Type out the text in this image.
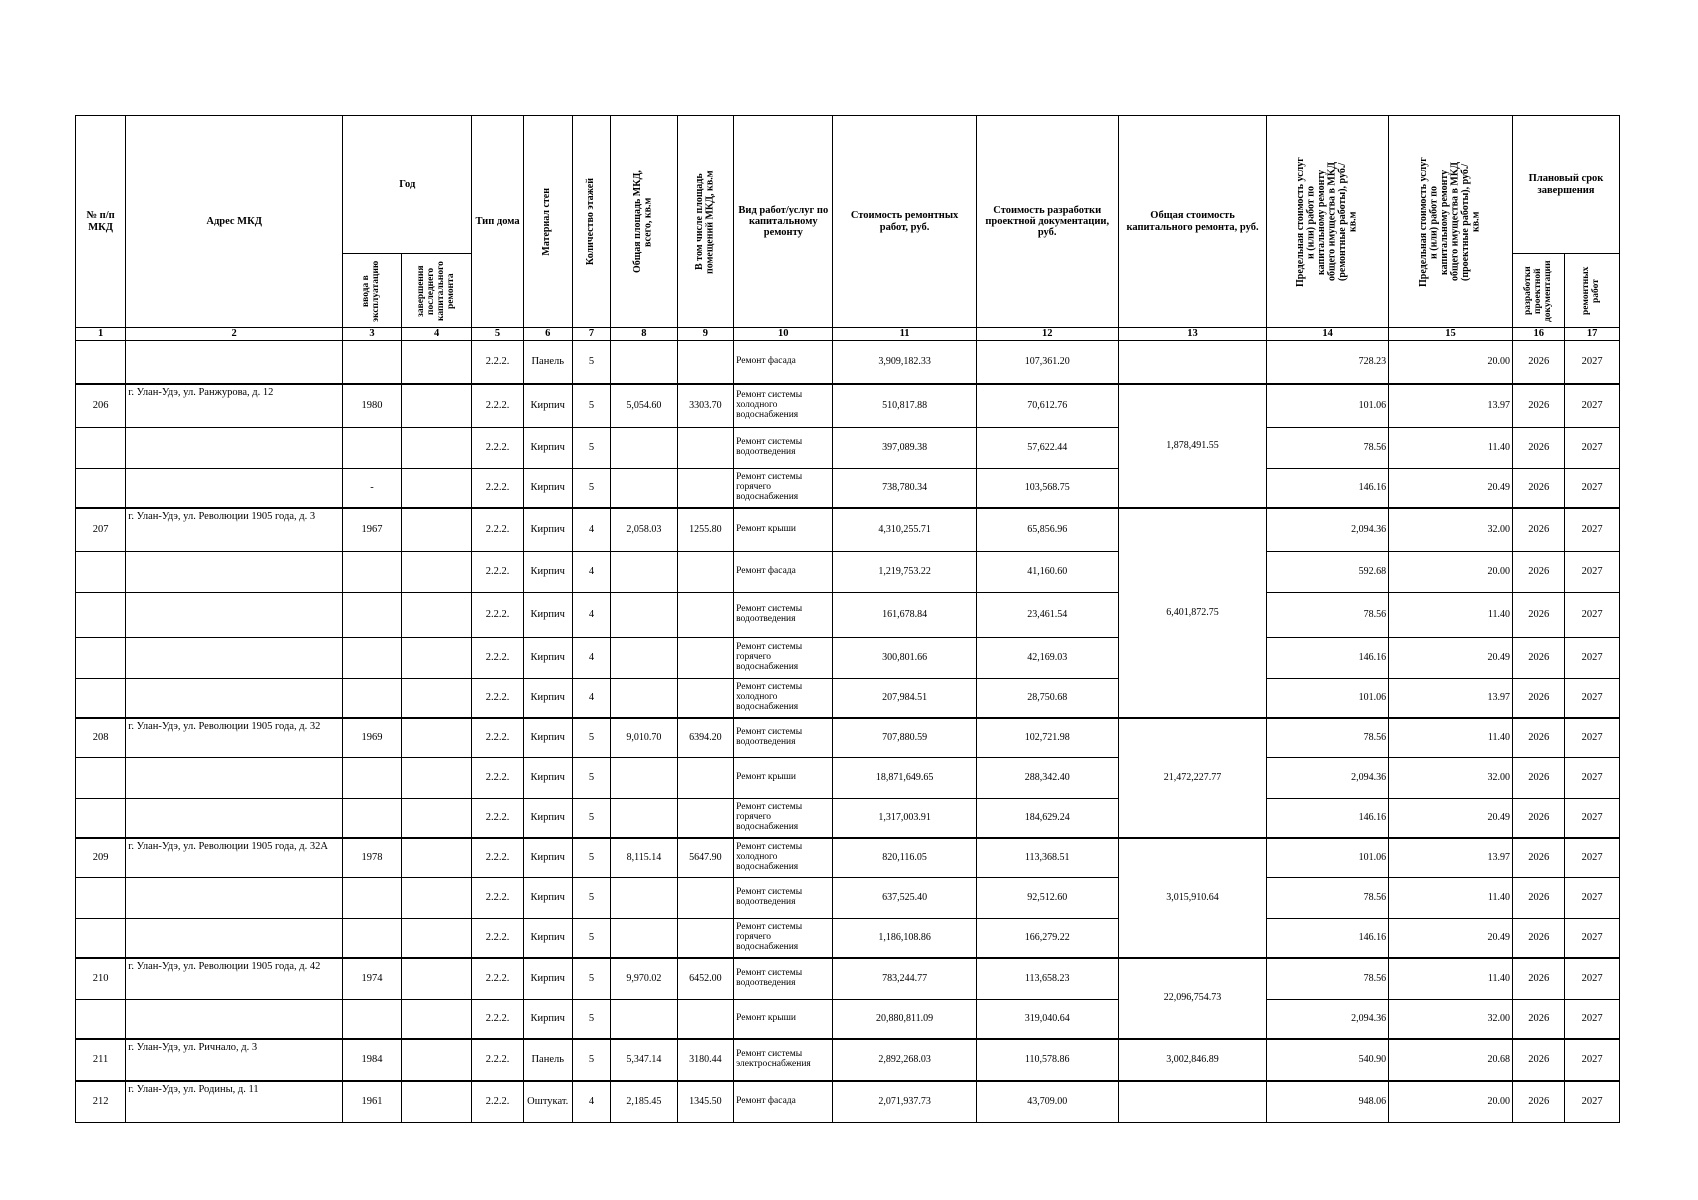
№ п/п МКД	Адрес МКД	Год		Тип дома	Материал стен	Количество этажей	Общая площадь МКД, всего, кв.м	В том числе площадь помещений МКД, кв.м	Вид работ/услуг по капитальному ремонту	Стоимость ремонтных работ, руб.	Стоимость разработки проектной документации, руб.	Общая стоимость капитального ремонта, руб.	Предельная стоимость услуг и (или) работ по капитальному ремонту общего имущества в МКД (ремонтные работы), руб./кв.м	Предельная стоимость услуг и (или) работ по капитальному ремонту общего имущества в МКД (проектные работы), руб./кв.м	Плановый срок завершения	

		ввода в эксплуатацию	завершения последнего капитального ремонта												разработки проектной документации	ремонтных работ

1	2	3	4	5	6	7	8	9	10	11	12	13	14	15	16	17
				2.2.2.	Панель	5			Ремонт фасада	3,909,182.33	107,361.20		728.23	20.00	2026	2027
206	г. Улан-Удэ, ул. Ранжурова, д. 12	1980		2.2.2.	Кирпич	5	5,054.60	3303.70	Ремонт системы холодного водоснабжения	510,817.88	70,612.76	1,878,491.55	101.06	13.97	2026	2027
				2.2.2.	Кирпич	5			Ремонт системы водоотведения	397,089.38	57,622.44		78.56	11.40	2026	2027
		-		2.2.2.	Кирпич	5			Ремонт системы горячего водоснабжения	738,780.34	103,568.75		146.16	20.49	2026	2027
207	г. Улан-Удэ, ул. Революции 1905 года, д. 3	1967		2.2.2.	Кирпич	4	2,058.03	1255.80	Ремонт крыши	4,310,255.71	65,856.96	6,401,872.75	2,094.36	32.00	2026	2027
				2.2.2.	Кирпич	4			Ремонт фасада	1,219,753.22	41,160.60		592.68	20.00	2026	2027
				2.2.2.	Кирпич	4			Ремонт системы водоотведения	161,678.84	23,461.54		78.56	11.40	2026	2027
				2.2.2.	Кирпич	4			Ремонт системы горячего водоснабжения	300,801.66	42,169.03		146.16	20.49	2026	2027
				2.2.2.	Кирпич	4			Ремонт системы холодного водоснабжения	207,984.51	28,750.68		101.06	13.97	2026	2027
208	г. Улан-Удэ, ул. Революции 1905 года, д. 32	1969		2.2.2.	Кирпич	5	9,010.70	6394.20	Ремонт системы водоотведения	707,880.59	102,721.98	21,472,227.77	78.56	11.40	2026	2027
				2.2.2.	Кирпич	5			Ремонт крыши	18,871,649.65	288,342.40		2,094.36	32.00	2026	2027
				2.2.2.	Кирпич	5			Ремонт системы горячего водоснабжения	1,317,003.91	184,629.24		146.16	20.49	2026	2027
209	г. Улан-Удэ, ул. Революции 1905 года, д. 32А	1978		2.2.2.	Кирпич	5	8,115.14	5647.90	Ремонт системы холодного водоснабжения	820,116.05	113,368.51	3,015,910.64	101.06	13.97	2026	2027
				2.2.2.	Кирпич	5			Ремонт системы водоотведения	637,525.40	92,512.60		78.56	11.40	2026	2027
				2.2.2.	Кирпич	5			Ремонт системы горячего водоснабжения	1,186,108.86	166,279.22		146.16	20.49	2026	2027
210	г. Улан-Удэ, ул. Революции 1905 года, д. 42	1974		2.2.2.	Кирпич	5	9,970.02	6452.00	Ремонт системы водоотведения	783,244.77	113,658.23	22,096,754.73	78.56	11.40	2026	2027
				2.2.2.	Кирпич	5			Ремонт крыши	20,880,811.09	319,040.64		2,094.36	32.00	2026	2027
211	г. Улан-Удэ, ул. Ричнало, д. 3	1984		2.2.2.	Панель	5	5,347.14	3180.44	Ремонт системы электроснабжения	2,892,268.03	110,578.86	3,002,846.89	540.90	20.68	2026	2027
212	г. Улан-Удэ, ул. Родины, д. 11	1961		2.2.2.	Оштукат.	4	2,185.45	1345.50	Ремонт фасада	2,071,937.73	43,709.00		948.06	20.00	2026	2027
